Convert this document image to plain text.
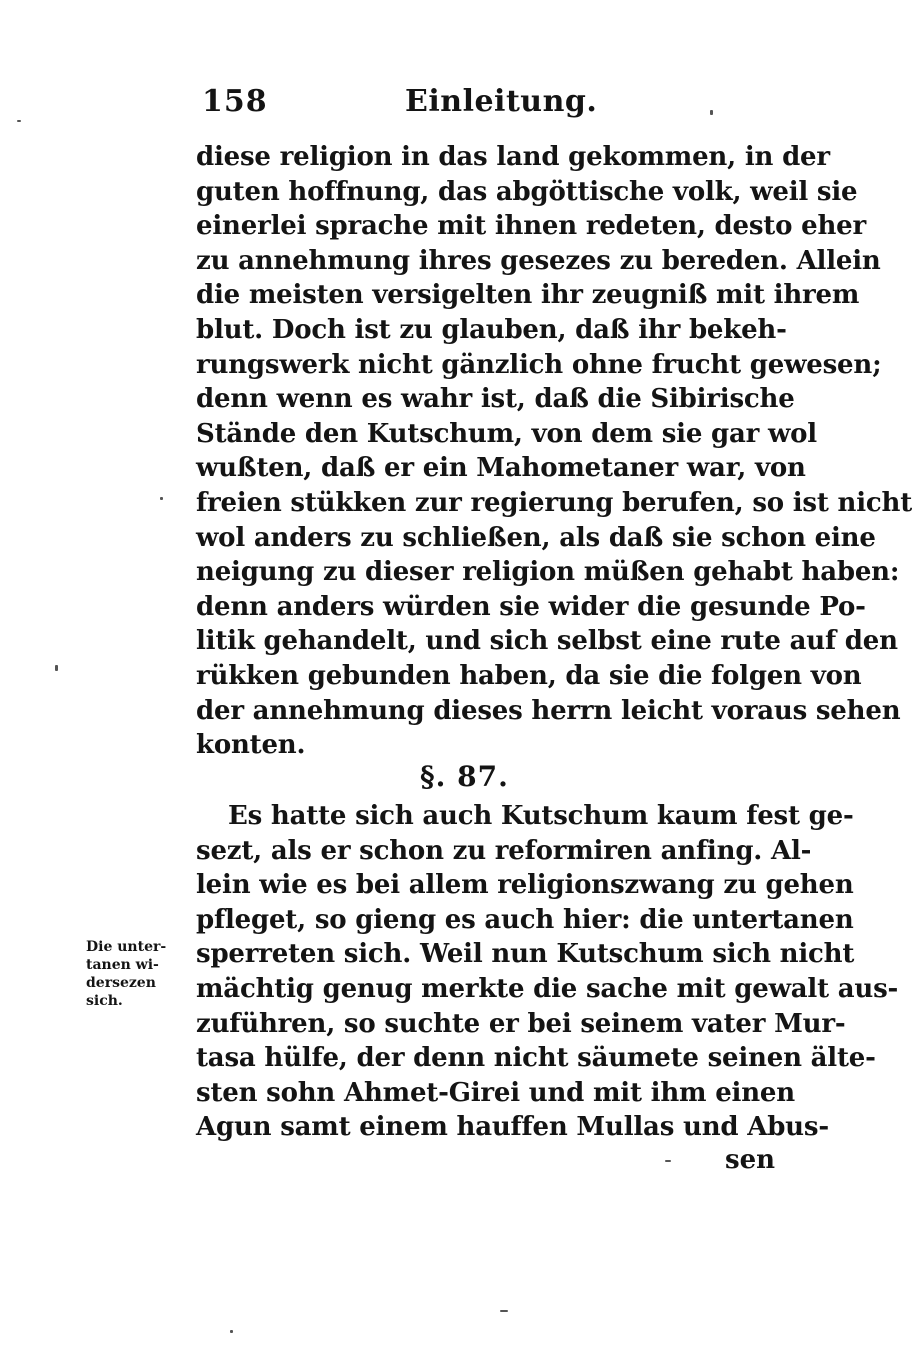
158	Einleitung.
diese religion in das land gekommen, in der
guten hoffnung, das abgöttische volk, weil sie
einerlei sprache mit ihnen redeten, desto eher
zu annehmung ihres gesezes zu bereden. Allein
die meisten versigelten ihr zeugniß mit ihrem
blut. Doch ist zu glauben, daß ihr bekeh-
rungswerk nicht gänzlich ohne frucht gewesen;
denn wenn es wahr ist, daß die Sibirische
Stände den Kutschum, von dem sie gar wol
wußten, daß er ein Mahometaner war, von
freien stükken zur regierung berufen, so ist nicht
wol anders zu schließen, als daß sie schon eine
neigung zu dieser religion müßen gehabt haben:
denn anders würden sie wider die gesunde Po-
litik gehandelt, und sich selbst eine rute auf den
rükken gebunden haben, da sie die folgen von
der annehmung dieses herrn leicht voraus sehen
konten.
§. 87.
Es hatte sich auch Kutschum kaum fest ge-
sezt, als er schon zu reformiren anfing. Al-
lein wie es bei allem religionszwang zu gehen
pfleget, so gieng es auch hier: die untertanen
sperreten sich. Weil nun Kutschum sich nicht
mächtig genug merkte die sache mit gewalt aus-
zuführen, so suchte er bei seinem vater Mur-
tasa hülfe, der denn nicht säumete seinen älte-
sten sohn Ahmet-Girei und mit ihm einen
Agun samt einem hauffen Mullas und Abus-
Die unter-
tanen wi-
dersezen
sich.
sen
